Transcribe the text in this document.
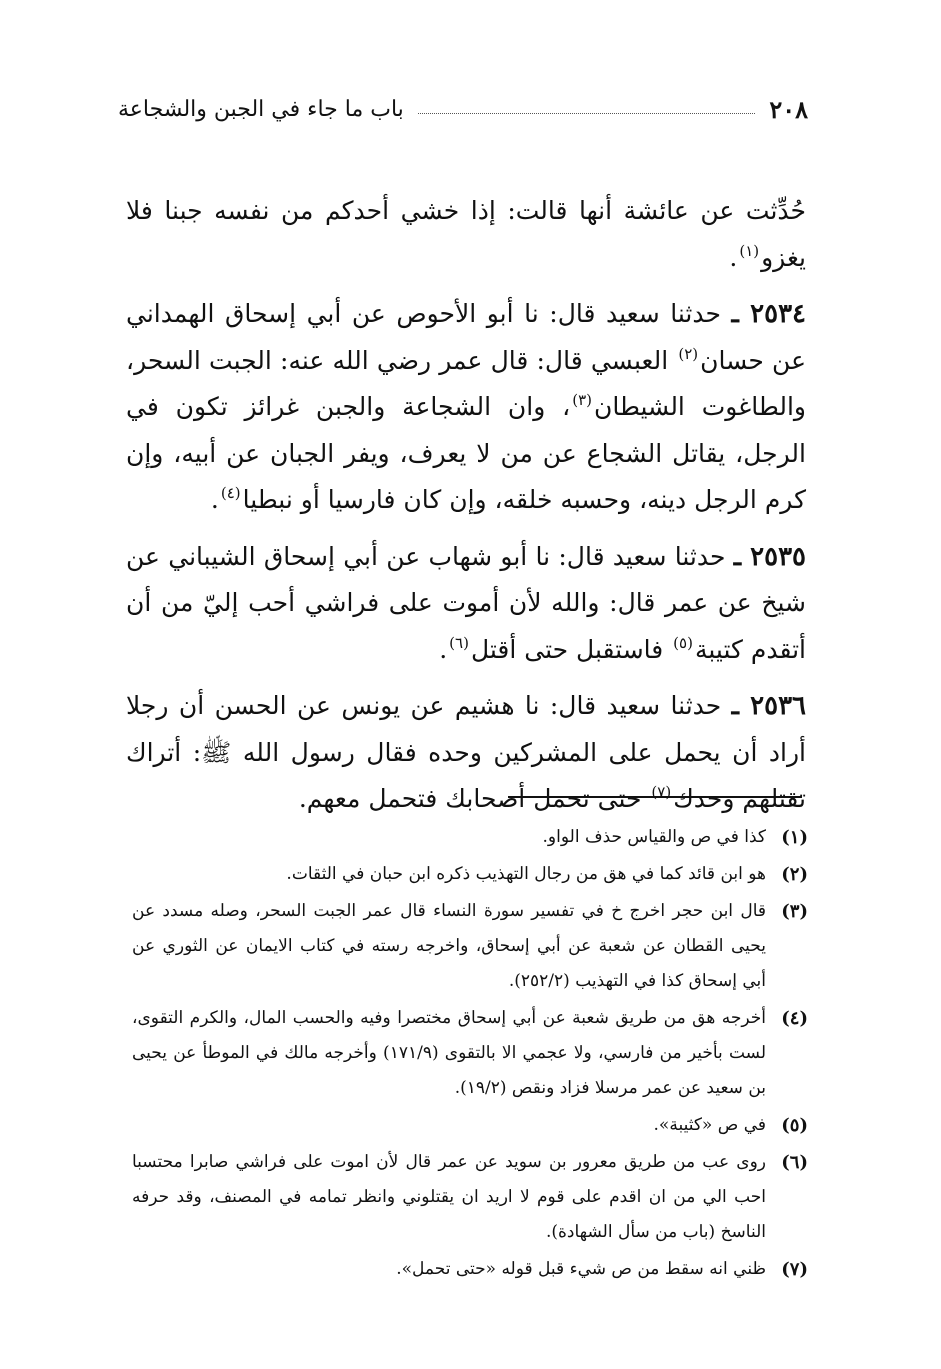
٢٠٨
باب ما جاء في الجبن والشجاعة

حُدِّثت عن عائشة أنها قالت: إذا خشي أحدكم من نفسه جبنا فلا يغزو$^{(١)}$.

٢٥٣٤ ـ حدثنا سعيد قال: نا أبو الأحوص عن أبي إسحاق الهمداني عن حسان$^{(٢)}$ العبسي قال: قال عمر رضي الله عنه: الجبت السحر، والطاغوت الشيطان$^{(٣)}$، وان الشجاعة والجبن غرائز تكون في الرجل، يقاتل الشجاع عن من لا يعرف، ويفر الجبان عن أبيه، وإن كرم الرجل دينه، وحسبه خلقه، وإن كان فارسيا أو نبطيا$^{(٤)}$.

٢٥٣٥ ـ حدثنا سعيد قال: نا أبو شهاب عن أبي إسحاق الشيباني عن شيخ عن عمر قال: والله لأن أموت على فراشي أحب إليّ من أن أتقدم كتيبة$^{(٥)}$ فاستقبل حتى أقتل$^{(٦)}$.

٢٥٣٦ ـ حدثنا سعيد قال: نا هشيم عن يونس عن الحسن أن رجلا أراد أن يحمل على المشركين وحده فقال رسول الله ﷺ: أتراك تقتلهم وحدك$^{(٧)}$ حتى تحمل أصحابك فتحمل معهم.

(١)
كذا في ص والقياس حذف الواو.
(٢)
هو ابن قائد كما في هق من رجال التهذيب ذكره ابن حبان في الثقات.
(٣)
قال ابن حجر اخرج خ في تفسير سورة النساء قال عمر الجبت السحر، وصله مسدد عن يحيى القطان عن شعبة عن أبي إسحاق، واخرجه رسته في كتاب الايمان عن الثوري عن أبي إسحاق كذا في التهذيب (٢٥٢/٢).
(٤)
أخرجه هق من طريق شعبة عن أبي إسحاق مختصرا وفيه والحسب المال، والكرم التقوى، لست بأخير من فارسي، ولا عجمي الا بالتقوى (١٧١/٩) وأخرجه مالك في الموطأ عن يحيى بن سعيد عن عمر مرسلا فزاد ونقص (١٩/٢).
(٥)
في ص «كثيبة».
(٦)
روى عب من طريق معرور بن سويد عن عمر قال لأن اموت على فراشي صابرا محتسبا احب الي من ان اقدم على قوم لا اريد ان يقتلوني وانظر تمامه في المصنف، وقد حرفه الناسخ (باب من سأل الشهادة).
(٧)
ظني انه سقط من ص شيء قبل قوله «حتى تحمل».
